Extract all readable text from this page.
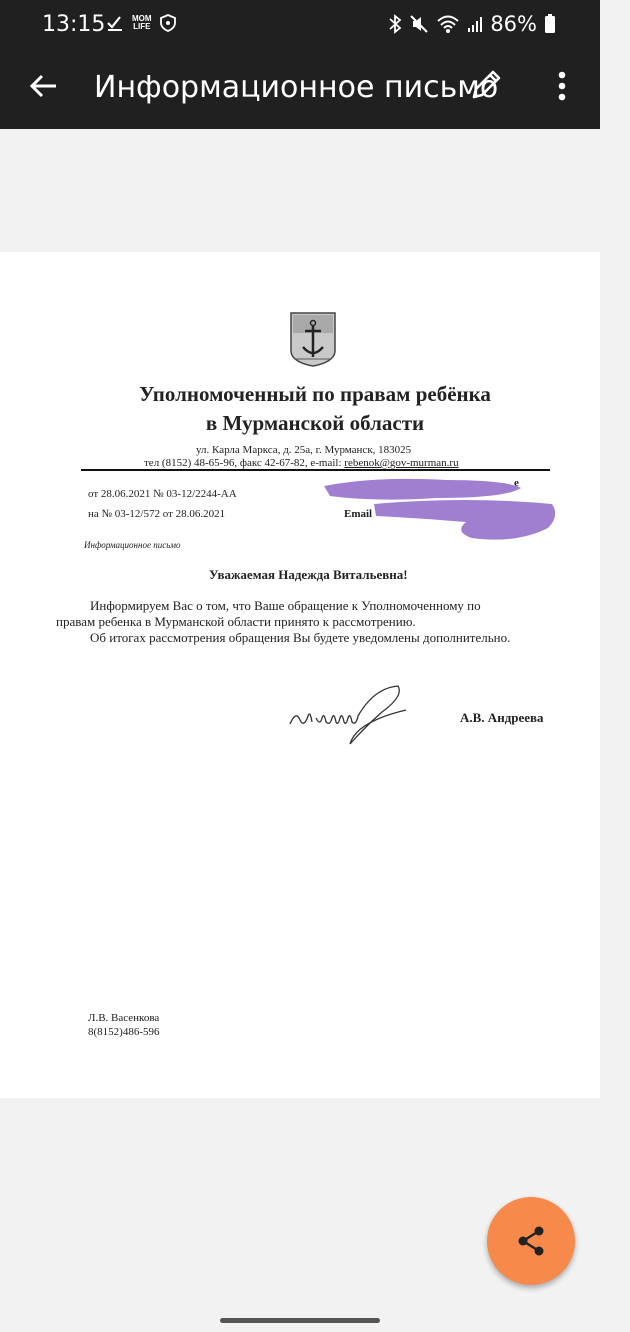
13:15	MOM
LIFE	86%
Информационное письмо
Уполномоченный по правам ребёнка
в Мурманской области
ул. Карла Маркса, д. 25а, г. Мурманск, 183025
тел (8152) 48-65-96, факс 42-67-82, e-mail: rebenok@gov-murman.ru
от 28.06.2021 № 03-12/2244-АА
на № 03-12/572 от 28.06.2021	Email
е
Информационное письмо
Уважаемая Надежда Витальевна!
Информируем Вас о том, что Ваше обращение к Уполномоченному по
правам ребенка в Мурманской области принято к рассмотрению.
Об итогах рассмотрения обращения Вы будете уведомлены дополнительно.
А.В. Андреева
Л.В. Васенкова
8(8152)486-596
